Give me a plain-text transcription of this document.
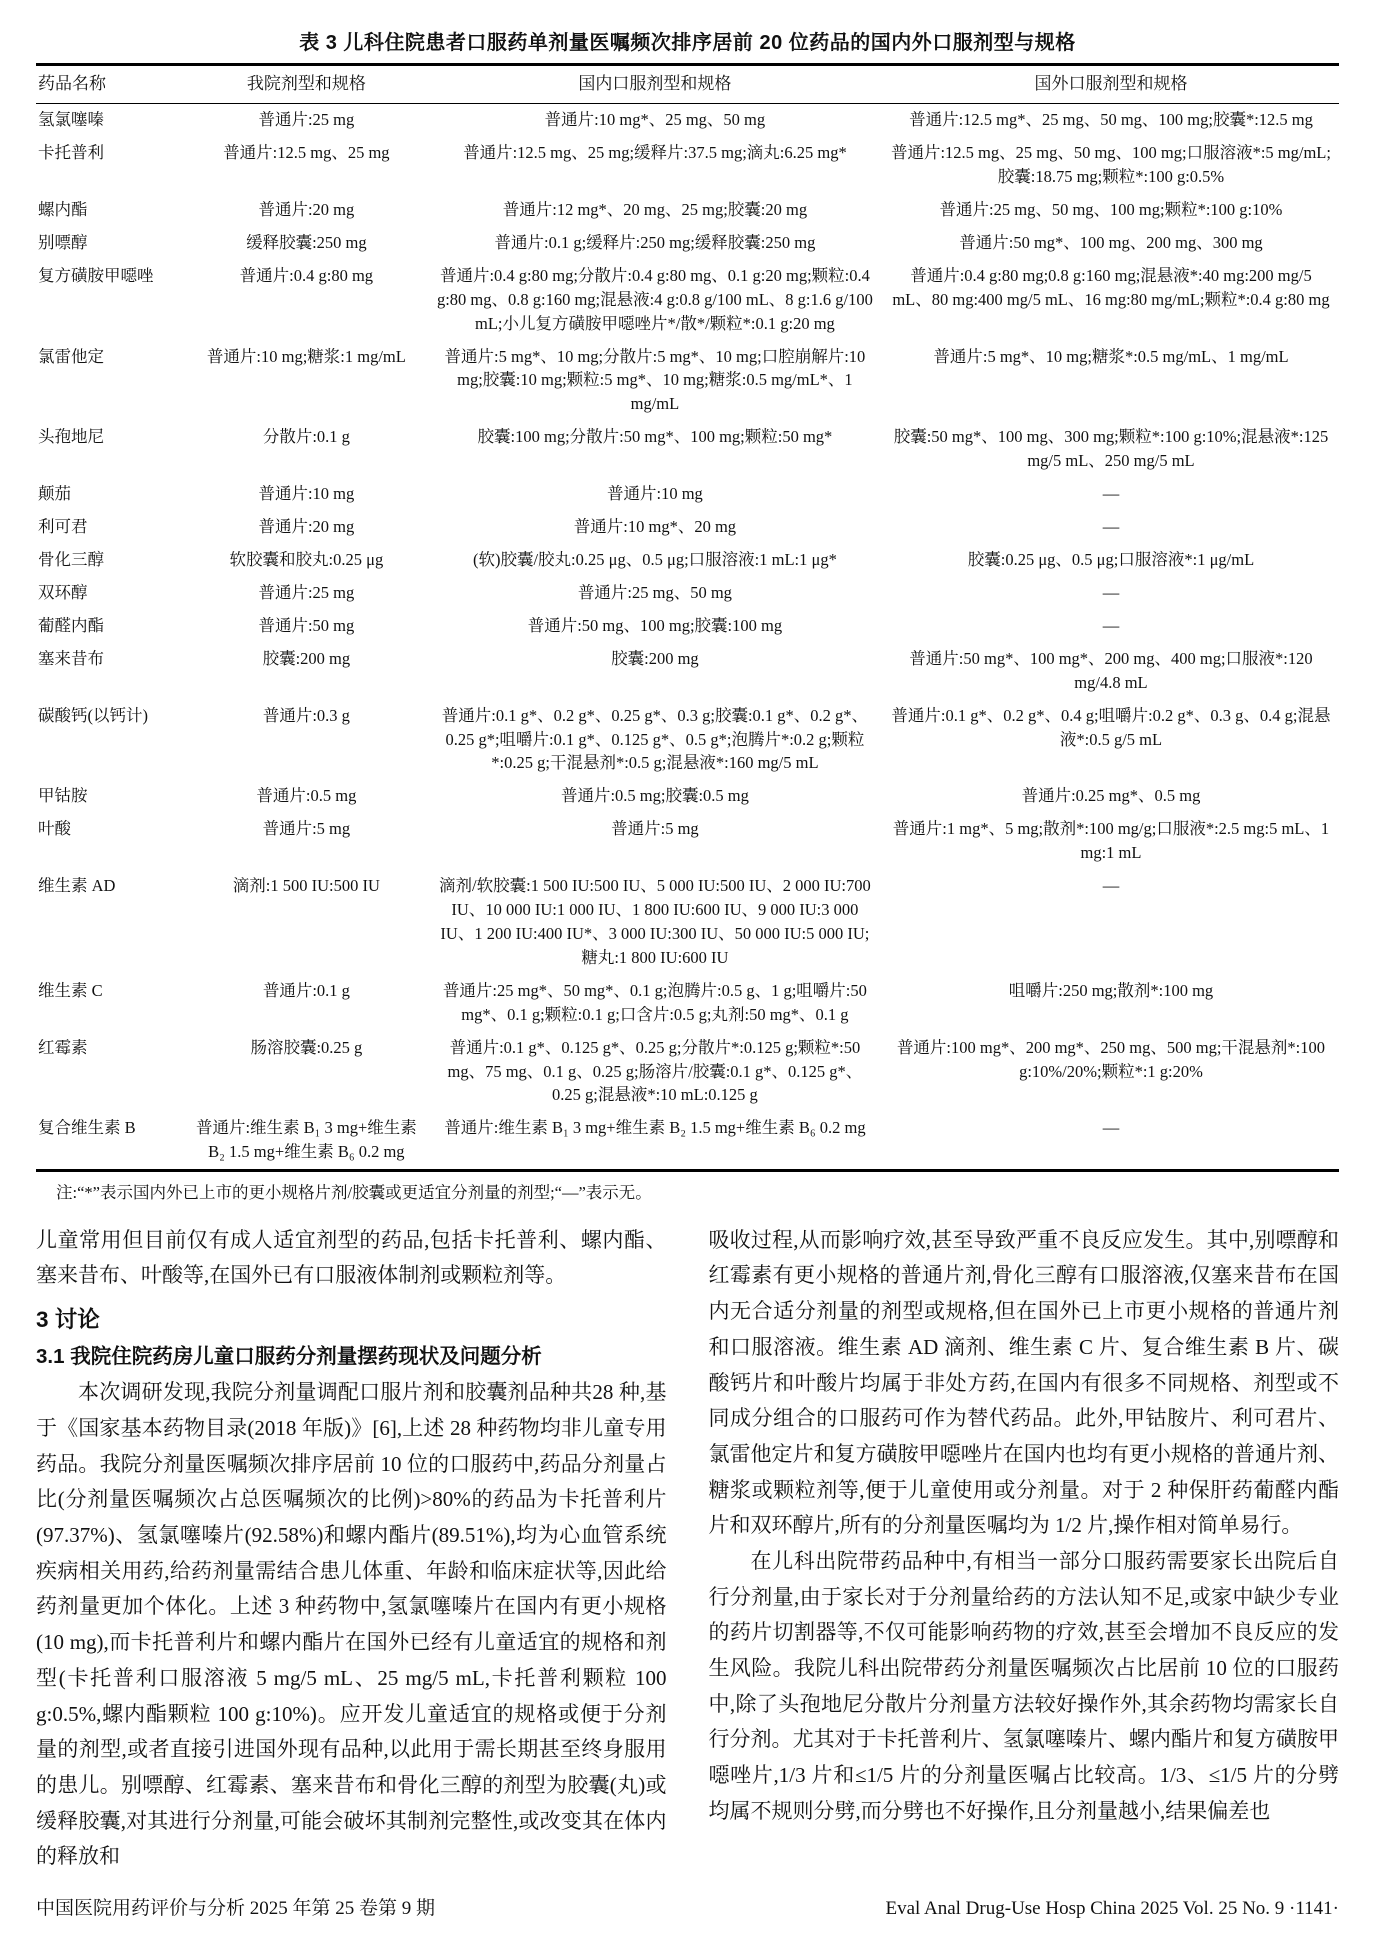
表 3 儿科住院患者口服药单剂量医嘱频次排序居前 20 位药品的国内外口服剂型与规格
药品名称	我院剂型和规格	国内口服剂型和规格	国外口服剂型和规格
氢氯噻嗪	普通片:25 mg	普通片:10 mg*、25 mg、50 mg	普通片:12.5 mg*、25 mg、50 mg、100 mg;胶囊*:12.5 mg
卡托普利	普通片:12.5 mg、25 mg	普通片:12.5 mg、25 mg;缓释片:37.5 mg;滴丸:6.25 mg*	普通片:12.5 mg、25 mg、50 mg、100 mg;口服溶液*:5 mg/mL;胶囊:18.75 mg;颗粒*:100 g:0.5%
螺内酯	普通片:20 mg	普通片:12 mg*、20 mg、25 mg;胶囊:20 mg	普通片:25 mg、50 mg、100 mg;颗粒*:100 g:10%
别嘌醇	缓释胶囊:250 mg	普通片:0.1 g;缓释片:250 mg;缓释胶囊:250 mg	普通片:50 mg*、100 mg、200 mg、300 mg
复方磺胺甲噁唑	普通片:0.4 g:80 mg	普通片:0.4 g:80 mg;分散片:0.4 g:80 mg、0.1 g:20 mg;颗粒:0.4 g:80 mg、0.8 g:160 mg;混悬液:4 g:0.8 g/100 mL、8 g:1.6 g/100 mL;小儿复方磺胺甲噁唑片*/散*/颗粒*:0.1 g:20 mg	普通片:0.4 g:80 mg;0.8 g:160 mg;混悬液*:40 mg:200 mg/5 mL、80 mg:400 mg/5 mL、16 mg:80 mg/mL;颗粒*:0.4 g:80 mg
氯雷他定	普通片:10 mg;糖浆:1 mg/mL	普通片:5 mg*、10 mg;分散片:5 mg*、10 mg;口腔崩解片:10 mg;胶囊:10 mg;颗粒:5 mg*、10 mg;糖浆:0.5 mg/mL*、1 mg/mL	普通片:5 mg*、10 mg;糖浆*:0.5 mg/mL、1 mg/mL
头孢地尼	分散片:0.1 g	胶囊:100 mg;分散片:50 mg*、100 mg;颗粒:50 mg*	胶囊:50 mg*、100 mg、300 mg;颗粒*:100 g:10%;混悬液*:125 mg/5 mL、250 mg/5 mL
颠茄	普通片:10 mg	普通片:10 mg	—
利可君	普通片:20 mg	普通片:10 mg*、20 mg	—
骨化三醇	软胶囊和胶丸:0.25 μg	(软)胶囊/胶丸:0.25 μg、0.5 μg;口服溶液:1 mL:1 μg*	胶囊:0.25 μg、0.5 μg;口服溶液*:1 μg/mL
双环醇	普通片:25 mg	普通片:25 mg、50 mg	—
葡醛内酯	普通片:50 mg	普通片:50 mg、100 mg;胶囊:100 mg	—
塞来昔布	胶囊:200 mg	胶囊:200 mg	普通片:50 mg*、100 mg*、200 mg、400 mg;口服液*:120 mg/4.8 mL
碳酸钙(以钙计)	普通片:0.3 g	普通片:0.1 g*、0.2 g*、0.25 g*、0.3 g;胶囊:0.1 g*、0.2 g*、0.25 g*;咀嚼片:0.1 g*、0.125 g*、0.5 g*;泡腾片*:0.2 g;颗粒*:0.25 g;干混悬剂*:0.5 g;混悬液*:160 mg/5 mL	普通片:0.1 g*、0.2 g*、0.4 g;咀嚼片:0.2 g*、0.3 g、0.4 g;混悬液*:0.5 g/5 mL
甲钴胺	普通片:0.5 mg	普通片:0.5 mg;胶囊:0.5 mg	普通片:0.25 mg*、0.5 mg
叶酸	普通片:5 mg	普通片:5 mg	普通片:1 mg*、5 mg;散剂*:100 mg/g;口服液*:2.5 mg:5 mL、1 mg:1 mL
维生素 AD	滴剂:1 500 IU:500 IU	滴剂/软胶囊:1 500 IU:500 IU、5 000 IU:500 IU、2 000 IU:700 IU、10 000 IU:1 000 IU、1 800 IU:600 IU、9 000 IU:3 000 IU、1 200 IU:400 IU*、3 000 IU:300 IU、50 000 IU:5 000 IU;糖丸:1 800 IU:600 IU	—
维生素 C	普通片:0.1 g	普通片:25 mg*、50 mg*、0.1 g;泡腾片:0.5 g、1 g;咀嚼片:50 mg*、0.1 g;颗粒:0.1 g;口含片:0.5 g;丸剂:50 mg*、0.1 g	咀嚼片:250 mg;散剂*:100 mg
红霉素	肠溶胶囊:0.25 g	普通片:0.1 g*、0.125 g*、0.25 g;分散片*:0.125 g;颗粒*:50 mg、75 mg、0.1 g、0.25 g;肠溶片/胶囊:0.1 g*、0.125 g*、0.25 g;混悬液*:10 mL:0.125 g	普通片:100 mg*、200 mg*、250 mg、500 mg;干混悬剂*:100 g:10%/20%;颗粒*:1 g:20%
复合维生素 B	普通片:维生素 B₁ 3 mg+维生素 B₂ 1.5 mg+维生素 B₆ 0.2 mg	普通片:维生素 B₁ 3 mg+维生素 B₂ 1.5 mg+维生素 B₆ 0.2 mg	—
注:“*”表示国内外已上市的更小规格片剂/胶囊或更适宜分剂量的剂型;“—”表示无。

儿童常用但目前仅有成人适宜剂型的药品,包括卡托普利、螺内酯、塞来昔布、叶酸等,在国外已有口服液体制剂或颗粒剂等。

3 讨论
3.1 我院住院药房儿童口服药分剂量摆药现状及问题分析

本次调研发现,我院分剂量调配口服片剂和胶囊剂品种共28 种,基于《国家基本药物目录(2018 年版)》[6],上述 28 种药物均非儿童专用药品。我院分剂量医嘱频次排序居前 10 位的口服药中,药品分剂量占比(分剂量医嘱频次占总医嘱频次的比例)>80%的药品为卡托普利片(97.37%)、氢氯噻嗪片(92.58%)和螺内酯片(89.51%),均为心血管系统疾病相关用药,给药剂量需结合患儿体重、年龄和临床症状等,因此给药剂量更加个体化。上述 3 种药物中,氢氯噻嗪片在国内有更小规格(10 mg),而卡托普利片和螺内酯片在国外已经有儿童适宜的规格和剂型(卡托普利口服溶液 5 mg/5 mL、25 mg/5 mL,卡托普利颗粒 100 g:0.5%,螺内酯颗粒 100 g:10%)。应开发儿童适宜的规格或便于分剂量的剂型,或者直接引进国外现有品种,以此用于需长期甚至终身服用的患儿。别嘌醇、红霉素、塞来昔布和骨化三醇的剂型为胶囊(丸)或缓释胶囊,对其进行分剂量,可能会破坏其制剂完整性,或改变其在体内的释放和

吸收过程,从而影响疗效,甚至导致严重不良反应发生。其中,别嘌醇和红霉素有更小规格的普通片剂,骨化三醇有口服溶液,仅塞来昔布在国内无合适分剂量的剂型或规格,但在国外已上市更小规格的普通片剂和口服溶液。维生素 AD 滴剂、维生素 C 片、复合维生素 B 片、碳酸钙片和叶酸片均属于非处方药,在国内有很多不同规格、剂型或不同成分组合的口服药可作为替代药品。此外,甲钴胺片、利可君片、氯雷他定片和复方磺胺甲噁唑片在国内也均有更小规格的普通片剂、糖浆或颗粒剂等,便于儿童使用或分剂量。对于 2 种保肝药葡醛内酯片和双环醇片,所有的分剂量医嘱均为 1/2 片,操作相对简单易行。

在儿科出院带药品种中,有相当一部分口服药需要家长出院后自行分剂量,由于家长对于分剂量给药的方法认知不足,或家中缺少专业的药片切割器等,不仅可能影响药物的疗效,甚至会增加不良反应的发生风险。我院儿科出院带药分剂量医嘱频次占比居前 10 位的口服药中,除了头孢地尼分散片分剂量方法较好操作外,其余药物均需家长自行分剂。尤其对于卡托普利片、氢氯噻嗪片、螺内酯片和复方磺胺甲噁唑片,1/3 片和≤1/5 片的分剂量医嘱占比较高。1/3、≤1/5 片的分劈均属不规则分劈,而分劈也不好操作,且分剂量越小,结果偏差也

中国医院用药评价与分析 2025 年第 25 卷第 9 期	Eval Anal Drug-Use Hosp China 2025 Vol. 25 No. 9 ·1141·
